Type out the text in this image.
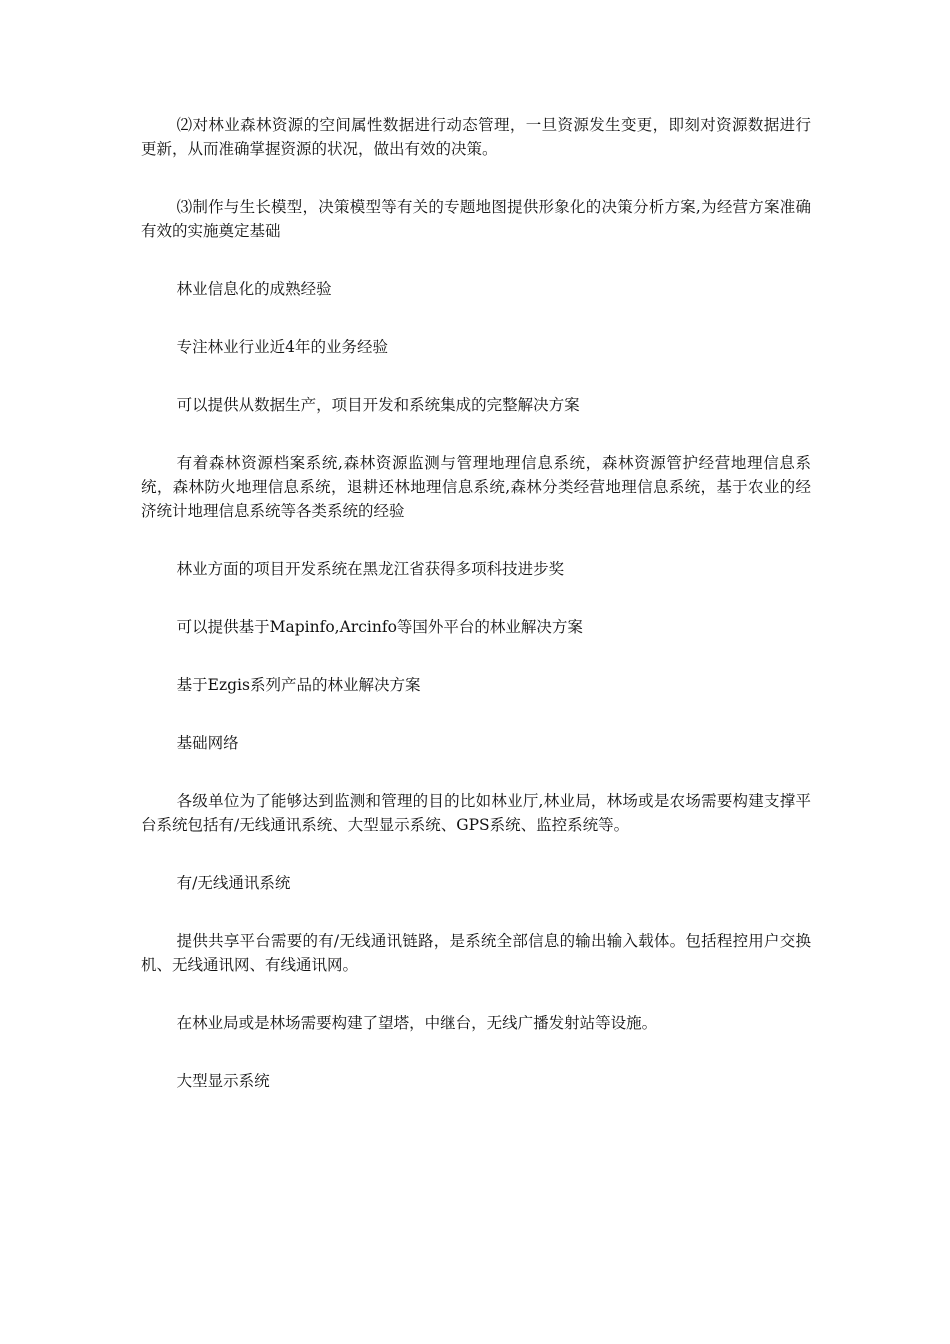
⑵对林业森林资源的空间属性数据进行动态管理，一旦资源发生变更，即刻对资源数据进行更新，从而准确掌握资源的状况，做出有效的决策。

⑶制作与生长模型，决策模型等有关的专题地图提供形象化的决策分析方案,为经营方案准确有效的实施奠定基础

林业信息化的成熟经验

专注林业行业近4年的业务经验

可以提供从数据生产，项目开发和系统集成的完整解决方案

有着森林资源档案系统,森林资源监测与管理地理信息系统，森林资源管护经营地理信息系统，森林防火地理信息系统，退耕还林地理信息系统,森林分类经营地理信息系统，基于农业的经济统计地理信息系统等各类系统的经验

林业方面的项目开发系统在黑龙江省获得多项科技进步奖

可以提供基于Mapinfo,Arcinfo等国外平台的林业解决方案

基于Ezgis系列产品的林业解决方案

基础网络

各级单位为了能够达到监测和管理的目的比如林业厅,林业局，林场或是农场需要构建支撑平台系统包括有/无线通讯系统、大型显示系统、GPS系统、监控系统等。

有/无线通讯系统

提供共享平台需要的有/无线通讯链路，是系统全部信息的输出输入载体。包括程控用户交换机、无线通讯网、有线通讯网。

在林业局或是林场需要构建了望塔，中继台，无线广播发射站等设施。

大型显示系统
